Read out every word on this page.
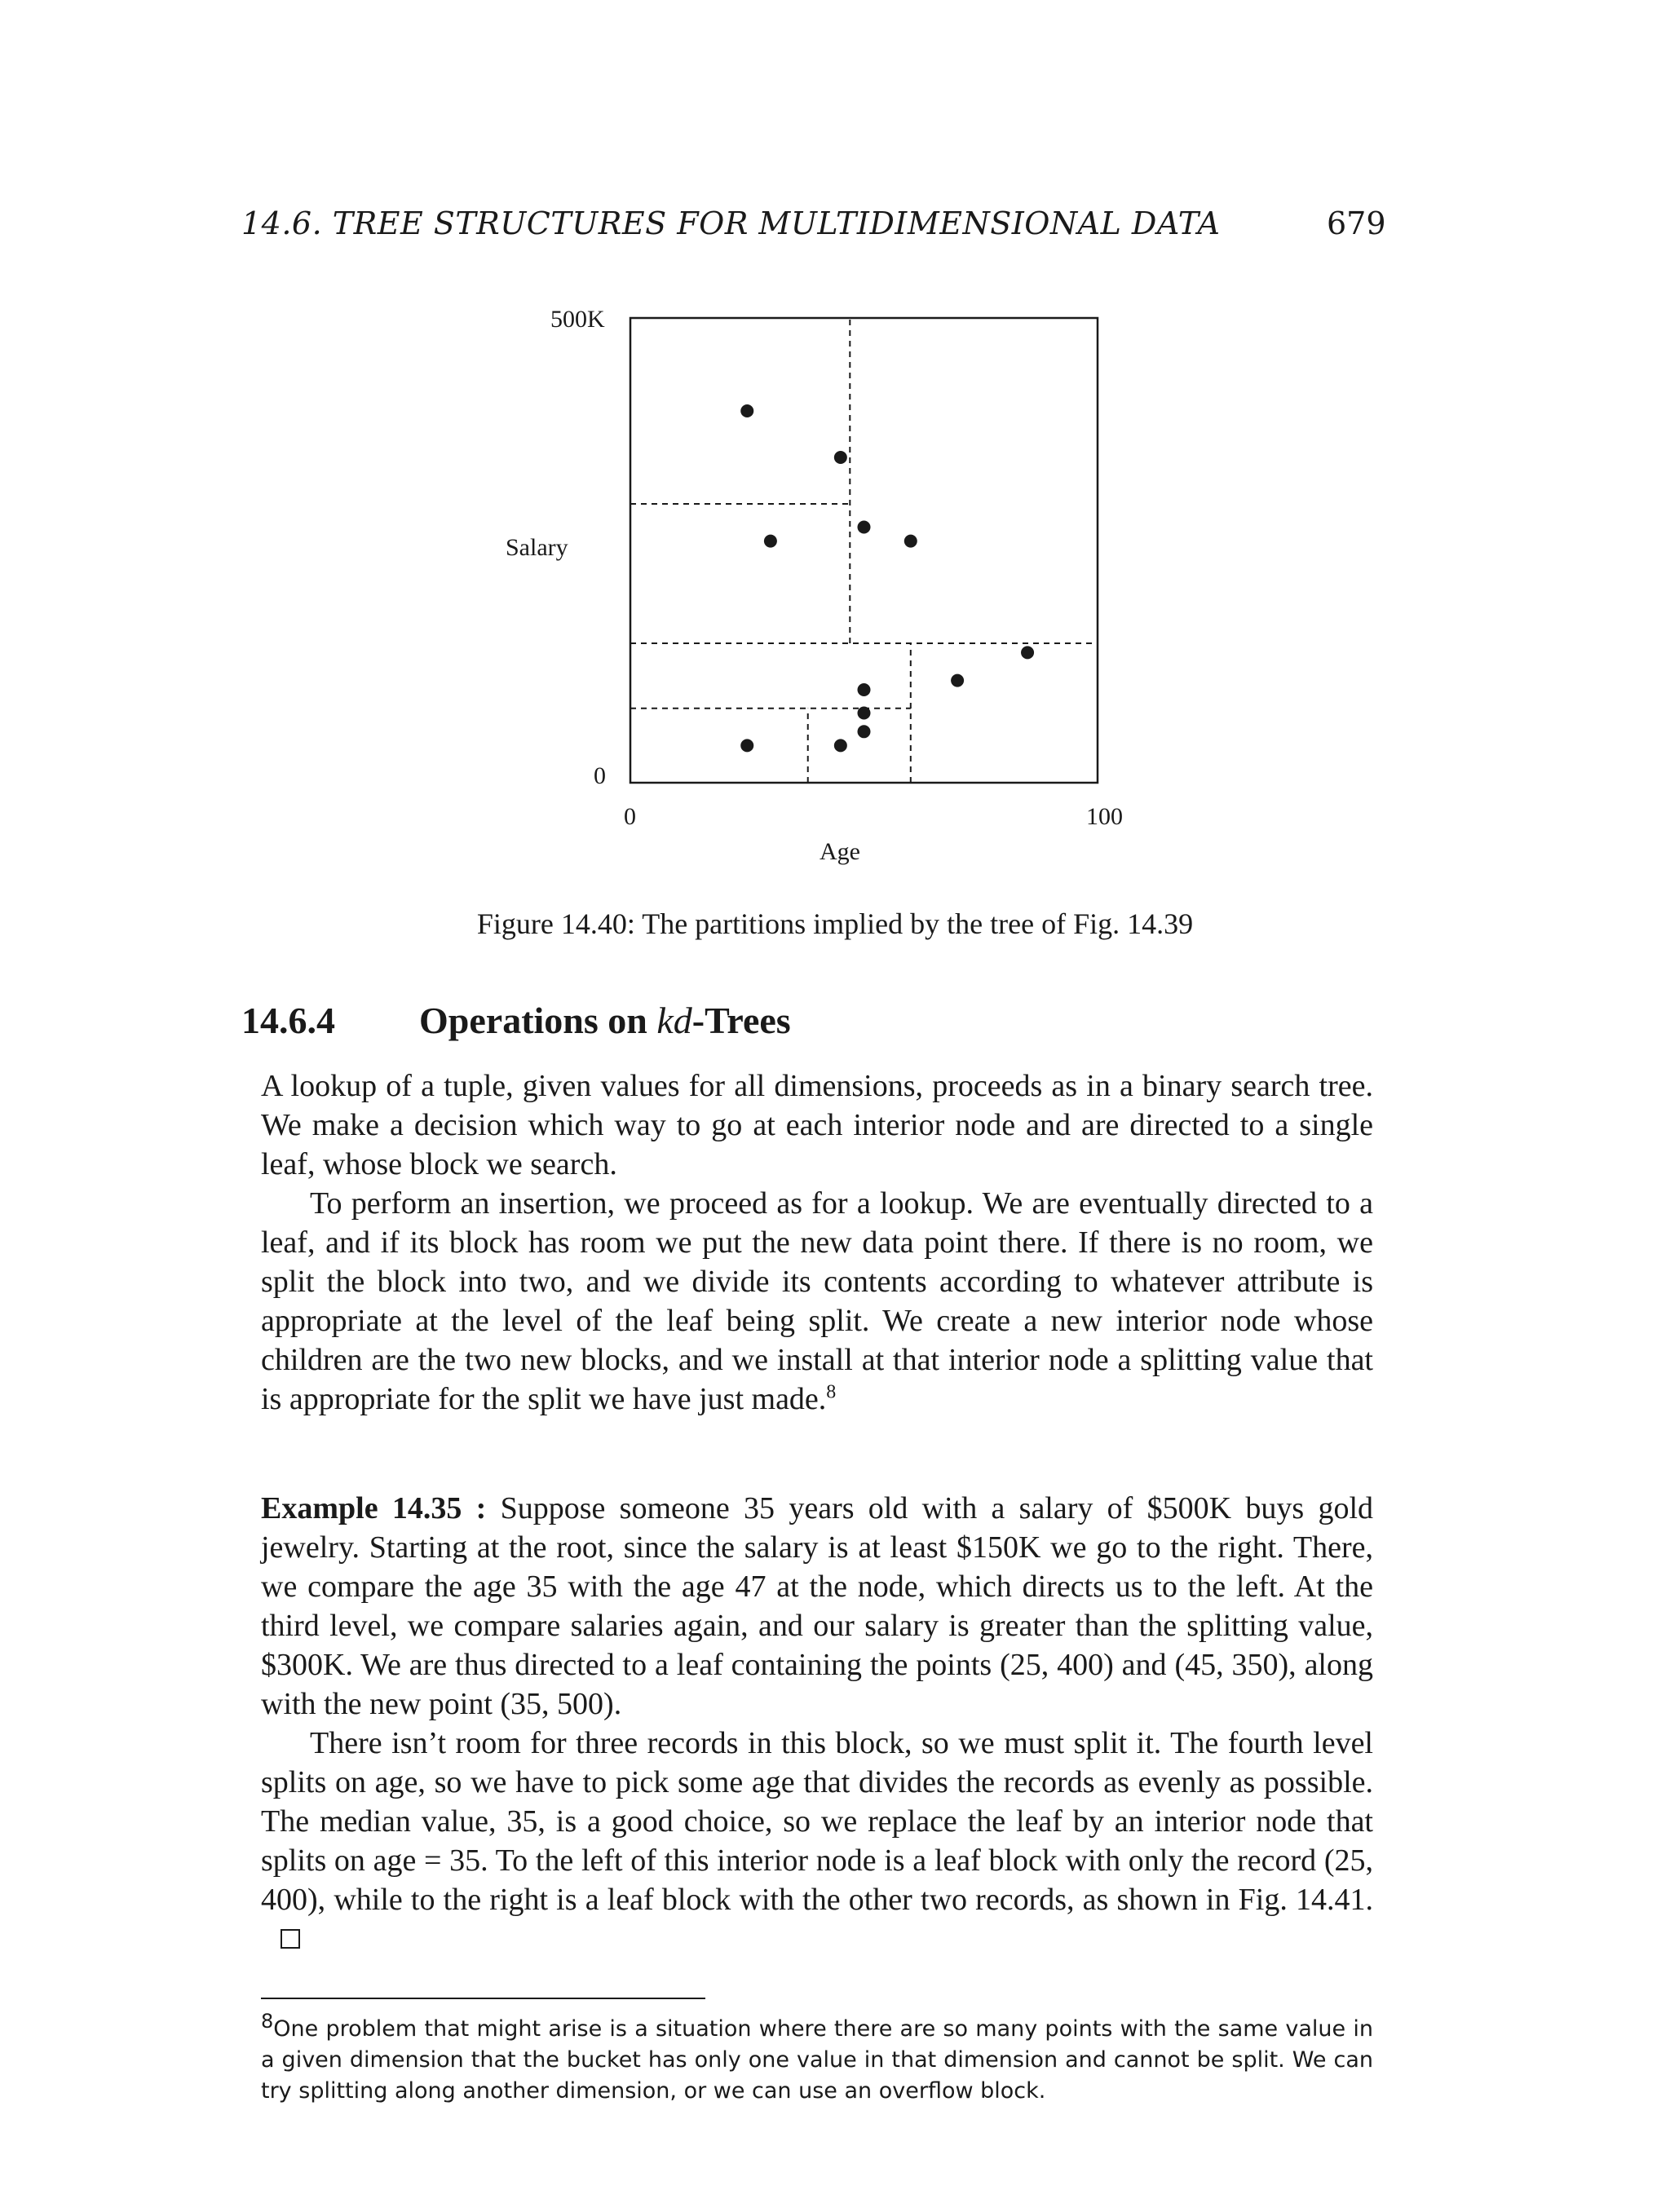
14.6. TREE STRUCTURES FOR MULTIDIMENSIONAL DATA	679
500K
Salary
0
0	100
Age
Figure 14.40: The partitions implied by the tree of Fig. 14.39
14.6.4 Operations on kd-Trees

A lookup of a tuple, given values for all dimensions, proceeds as in a binary search tree. We make a decision which way to go at each interior node and are directed to a single leaf, whose block we search.

To perform an insertion, we proceed as for a lookup. We are eventually directed to a leaf, and if its block has room we put the new data point there. If there is no room, we split the block into two, and we divide its contents according to whatever attribute is appropriate at the level of the leaf being split. We create a new interior node whose children are the two new blocks, and we install at that interior node a splitting value that is appropriate for the split we have just made.$^8$

Example 14.35 : Suppose someone 35 years old with a salary of $500K buys gold jewelry. Starting at the root, since the salary is at least $150K we go to the right. There, we compare the age 35 with the age 47 at the node, which directs us to the left. At the third level, we compare salaries again, and our salary is greater than the splitting value, $300K. We are thus directed to a leaf containing the points (25, 400) and (45, 350), along with the new point (35, 500).

There isn’t room for three records in this block, so we must split it. The fourth level splits on age, so we have to pick some age that divides the records as evenly as possible. The median value, 35, is a good choice, so we replace the leaf by an interior node that splits on age = 35. To the left of this interior node is a leaf block with only the record (25, 400), while to the right is a leaf block with the other two records, as shown in Fig. 14.41.

$^8$One problem that might arise is a situation where there are so many points with the same value in a given dimension that the bucket has only one value in that dimension and cannot be split. We can try splitting along another dimension, or we can use an overflow block.
